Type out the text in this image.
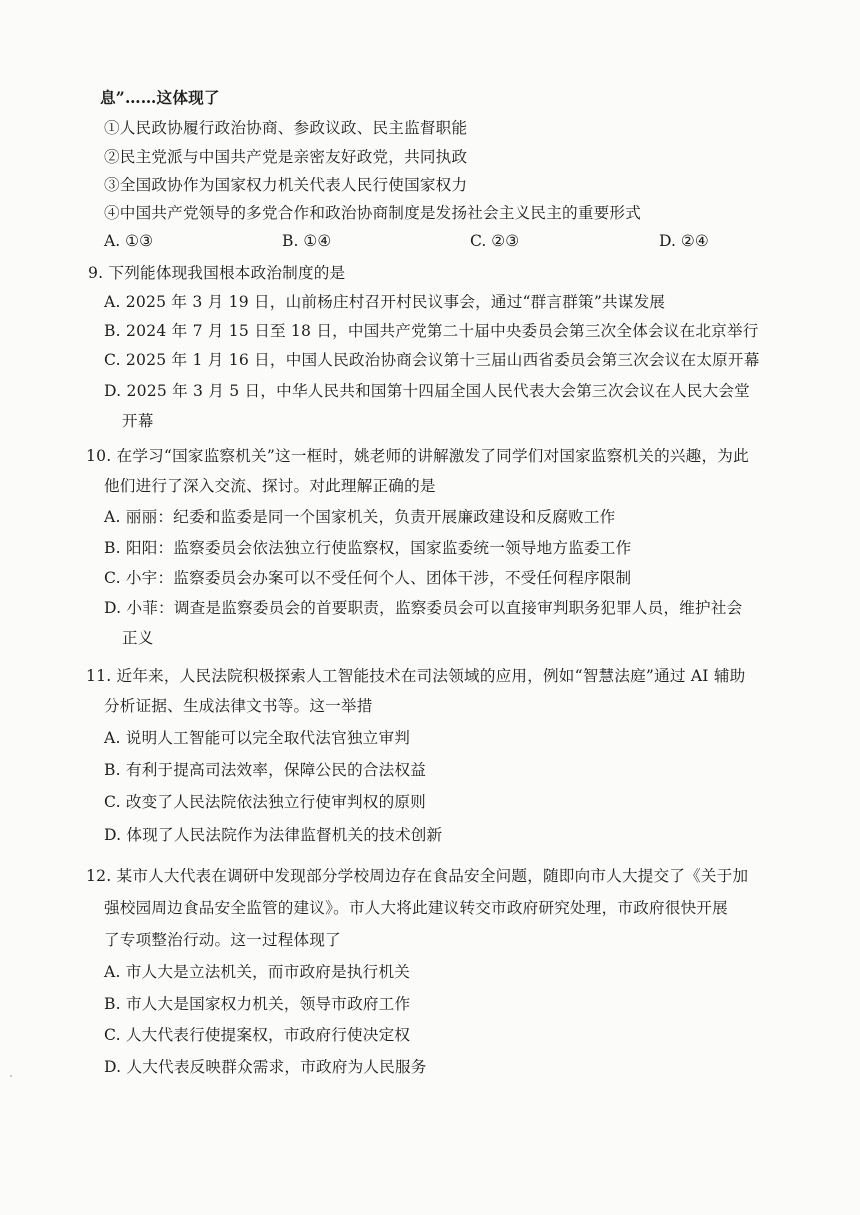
息”……这体现了
①人民政协履行政治协商、参政议政、民主监督职能
②民主党派与中国共产党是亲密友好政党，共同执政
③全国政协作为国家权力机关代表人民行使国家权力
④中国共产党领导的多党合作和政治协商制度是发扬社会主义民主的重要形式
A. ①③	B. ①④	C. ②③	D. ②④
9. 下列能体现我国根本政治制度的是
A. 2025 年 3 月 19 日，山前杨庄村召开村民议事会，通过“群言群策”共谋发展
B. 2024 年 7 月 15 日至 18 日，中国共产党第二十届中央委员会第三次全体会议在北京举行
C. 2025 年 1 月 16 日，中国人民政治协商会议第十三届山西省委员会第三次会议在太原开幕
D. 2025 年 3 月 5 日，中华人民共和国第十四届全国人民代表大会第三次会议在人民大会堂
开幕
10. 在学习“国家监察机关”这一框时，姚老师的讲解激发了同学们对国家监察机关的兴趣，为此
他们进行了深入交流、探讨。对此理解正确的是
A. 丽丽：纪委和监委是同一个国家机关，负责开展廉政建设和反腐败工作
B. 阳阳：监察委员会依法独立行使监察权，国家监委统一领导地方监委工作
C. 小宇：监察委员会办案可以不受任何个人、团体干涉，不受任何程序限制
D. 小菲：调查是监察委员会的首要职责，监察委员会可以直接审判职务犯罪人员，维护社会
正义
11. 近年来，人民法院积极探索人工智能技术在司法领域的应用，例如“智慧法庭”通过 AI 辅助
分析证据、生成法律文书等。这一举措
A. 说明人工智能可以完全取代法官独立审判
B. 有利于提高司法效率，保障公民的合法权益
C. 改变了人民法院依法独立行使审判权的原则
D. 体现了人民法院作为法律监督机关的技术创新
12. 某市人大代表在调研中发现部分学校周边存在食品安全问题，随即向市人大提交了《关于加
强校园周边食品安全监管的建议》。市人大将此建议转交市政府研究处理，市政府很快开展
了专项整治行动。这一过程体现了
A. 市人大是立法机关，而市政府是执行机关
B. 市人大是国家权力机关，领导市政府工作
C. 人大代表行使提案权，市政府行使决定权
D. 人大代表反映群众需求，市政府为人民服务
